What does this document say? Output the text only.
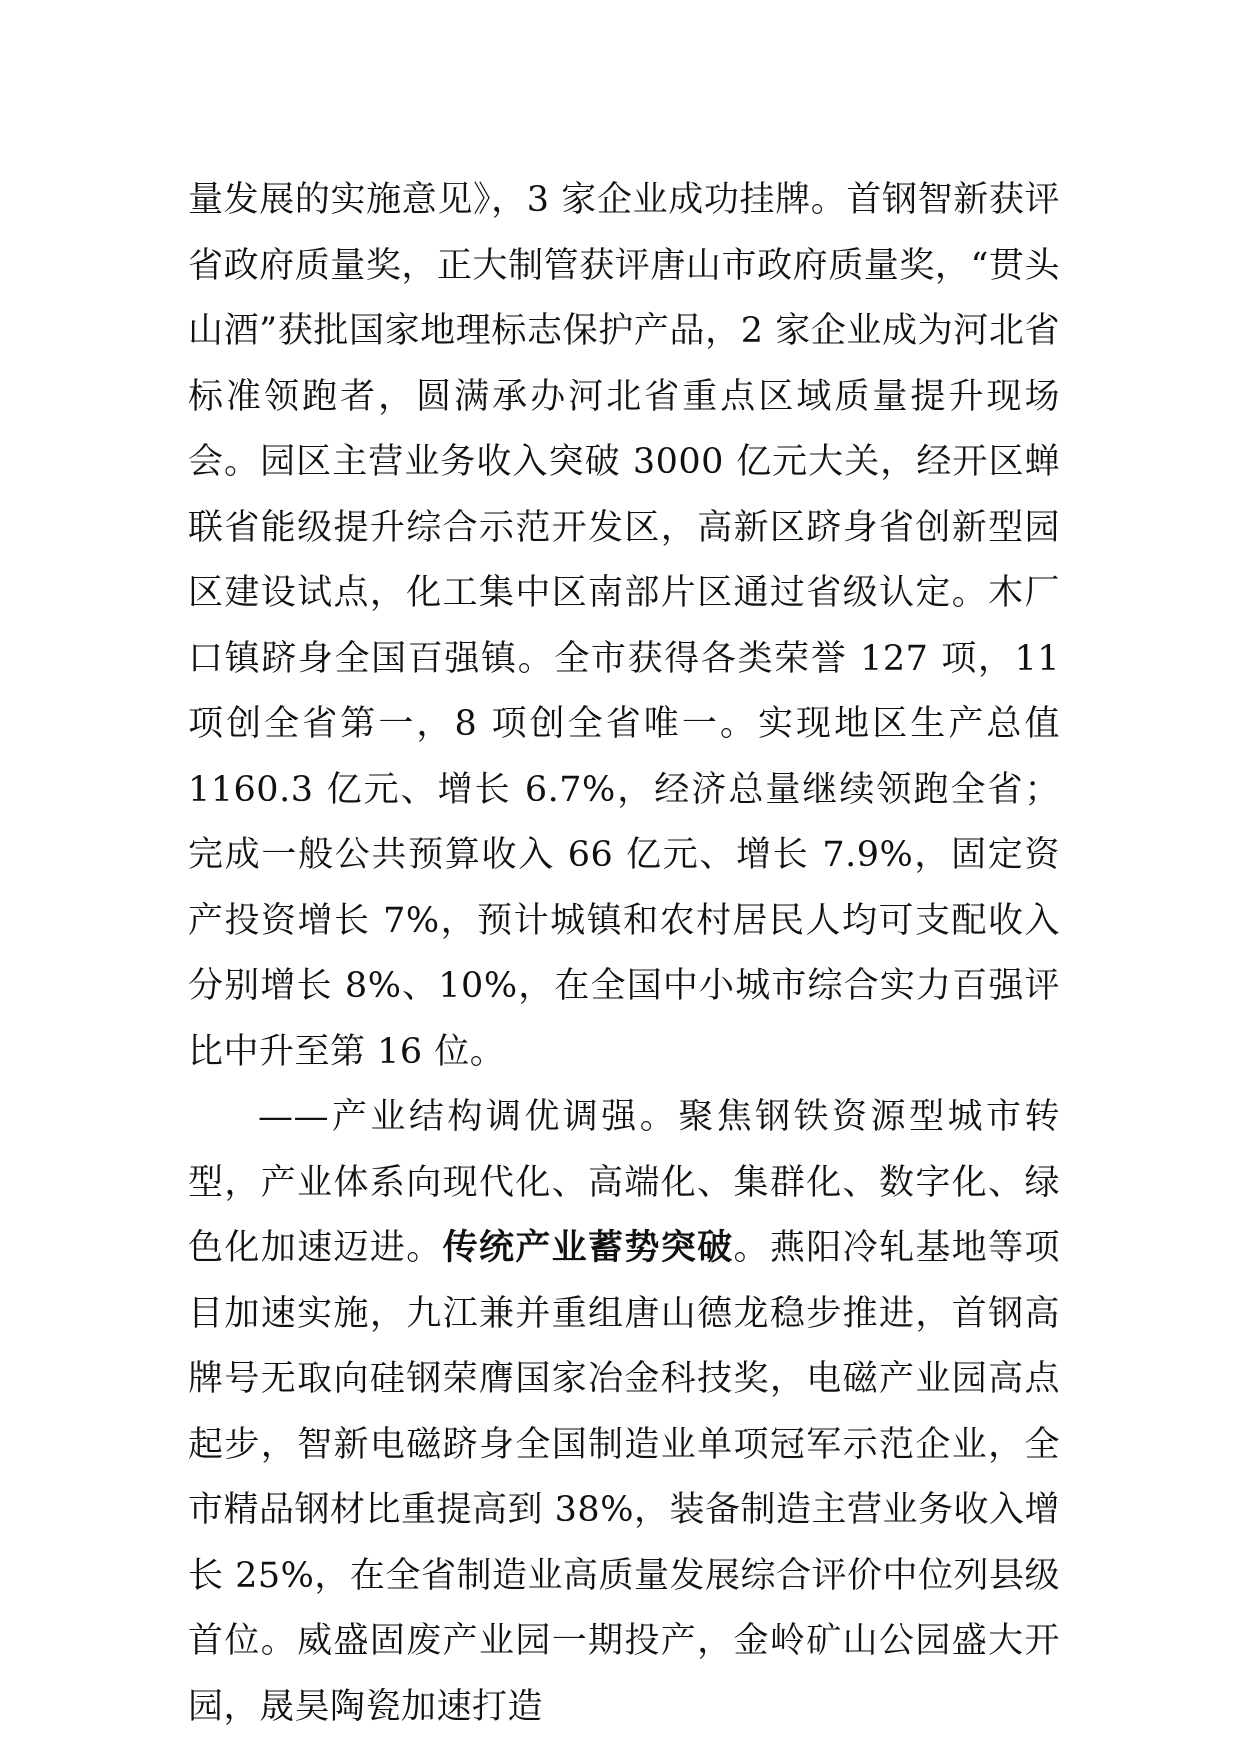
量发展的实施意见》，3 家企业成功挂牌。首钢智新获评省政府质量奖，正大制管获评唐山市政府质量奖，“贯头山酒”获批国家地理标志保护产品，2 家企业成为河北省标准领跑者，圆满承办河北省重点区域质量提升现场会。园区主营业务收入突破 3000 亿元大关，经开区蝉联省能级提升综合示范开发区，高新区跻身省创新型园区建设试点，化工集中区南部片区通过省级认定。木厂口镇跻身全国百强镇。全市获得各类荣誉 127 项，11 项创全省第一，8 项创全省唯一。实现地区生产总值 1160.3 亿元、增长 6.7%，经济总量继续领跑全省；完成一般公共预算收入 66 亿元、增长 7.9%，固定资产投资增长 7%，预计城镇和农村居民人均可支配收入分别增长 8%、10%，在全国中小城市综合实力百强评比中升至第 16 位。

——产业结构调优调强。聚焦钢铁资源型城市转型，产业体系向现代化、高端化、集群化、数字化、绿色化加速迈进。传统产业蓄势突破。燕阳冷轧基地等项目加速实施，九江兼并重组唐山德龙稳步推进，首钢高牌号无取向硅钢荣膺国家冶金科技奖，电磁产业园高点起步，智新电磁跻身全国制造业单项冠军示范企业，全市精品钢材比重提高到 38%，装备制造主营业务收入增长 25%，在全省制造业高质量发展综合评价中位列县级首位。威盛固废产业园一期投产，金岭矿山公园盛大开园，晟昊陶瓷加速打造
